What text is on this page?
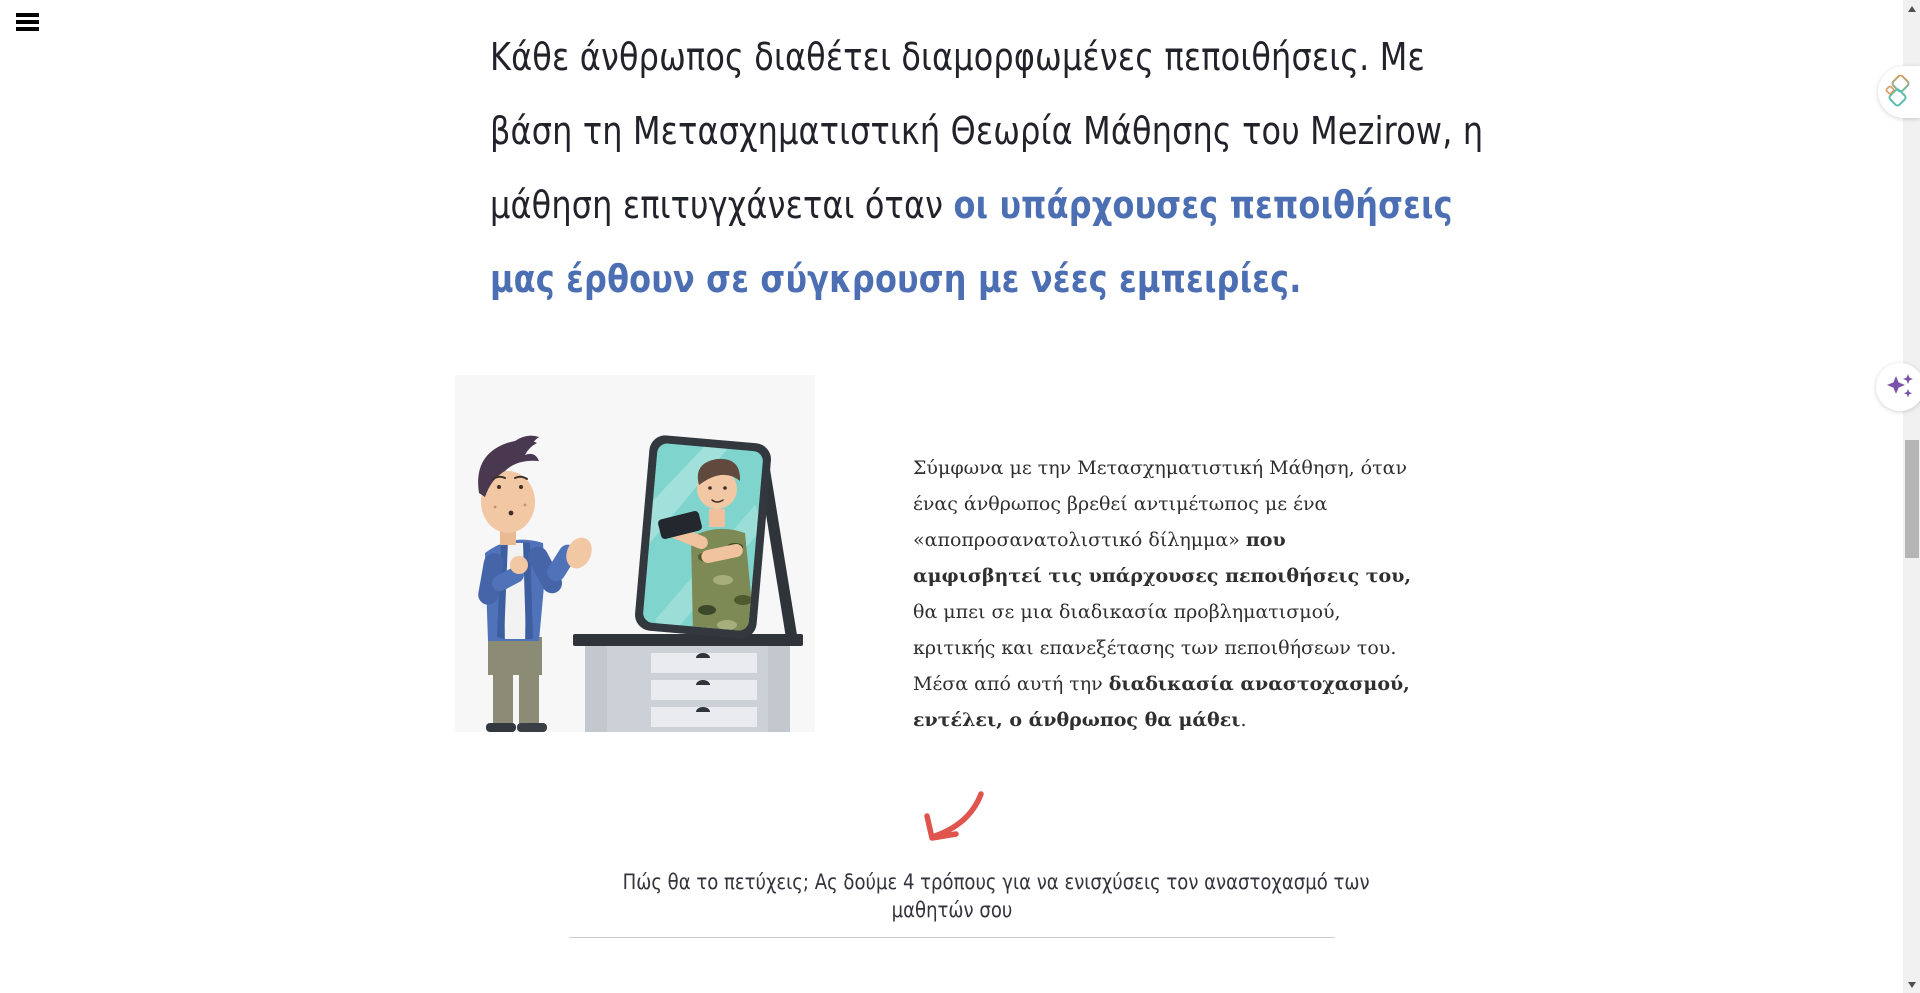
Κάθε άνθρωπος διαθέτει διαμορφωμένες πεποιθήσεις. Με
βάση τη Μετασχηματιστική Θεωρία Μάθησης του Mezirow, η
μάθηση επιτυγχάνεται όταν οι υπάρχουσες πεποιθήσεις
μας έρθουν σε σύγκρουση με νέες εμπειρίες.
Σύμφωνα με την Μετασχηματιστική Μάθηση, όταν ένας άνθρωπος βρεθεί αντιμέτωπος με ένα «αποπροσανατολιστικό δίλημμα» που αμφισβητεί τις υπάρχουσες πεποιθήσεις του, θα μπει σε μια διαδικασία προβληματισμού, κριτικής και επανεξέτασης των πεποιθήσεων του. Μέσα από αυτή την διαδικασία αναστοχασμού, εντέλει, ο άνθρωπος θα μάθει.
Πώς θα το πετύχεις; Ας δούμε 4 τρόπους για να ενισχύσεις τον αναστοχασμό των
μαθητών σου
